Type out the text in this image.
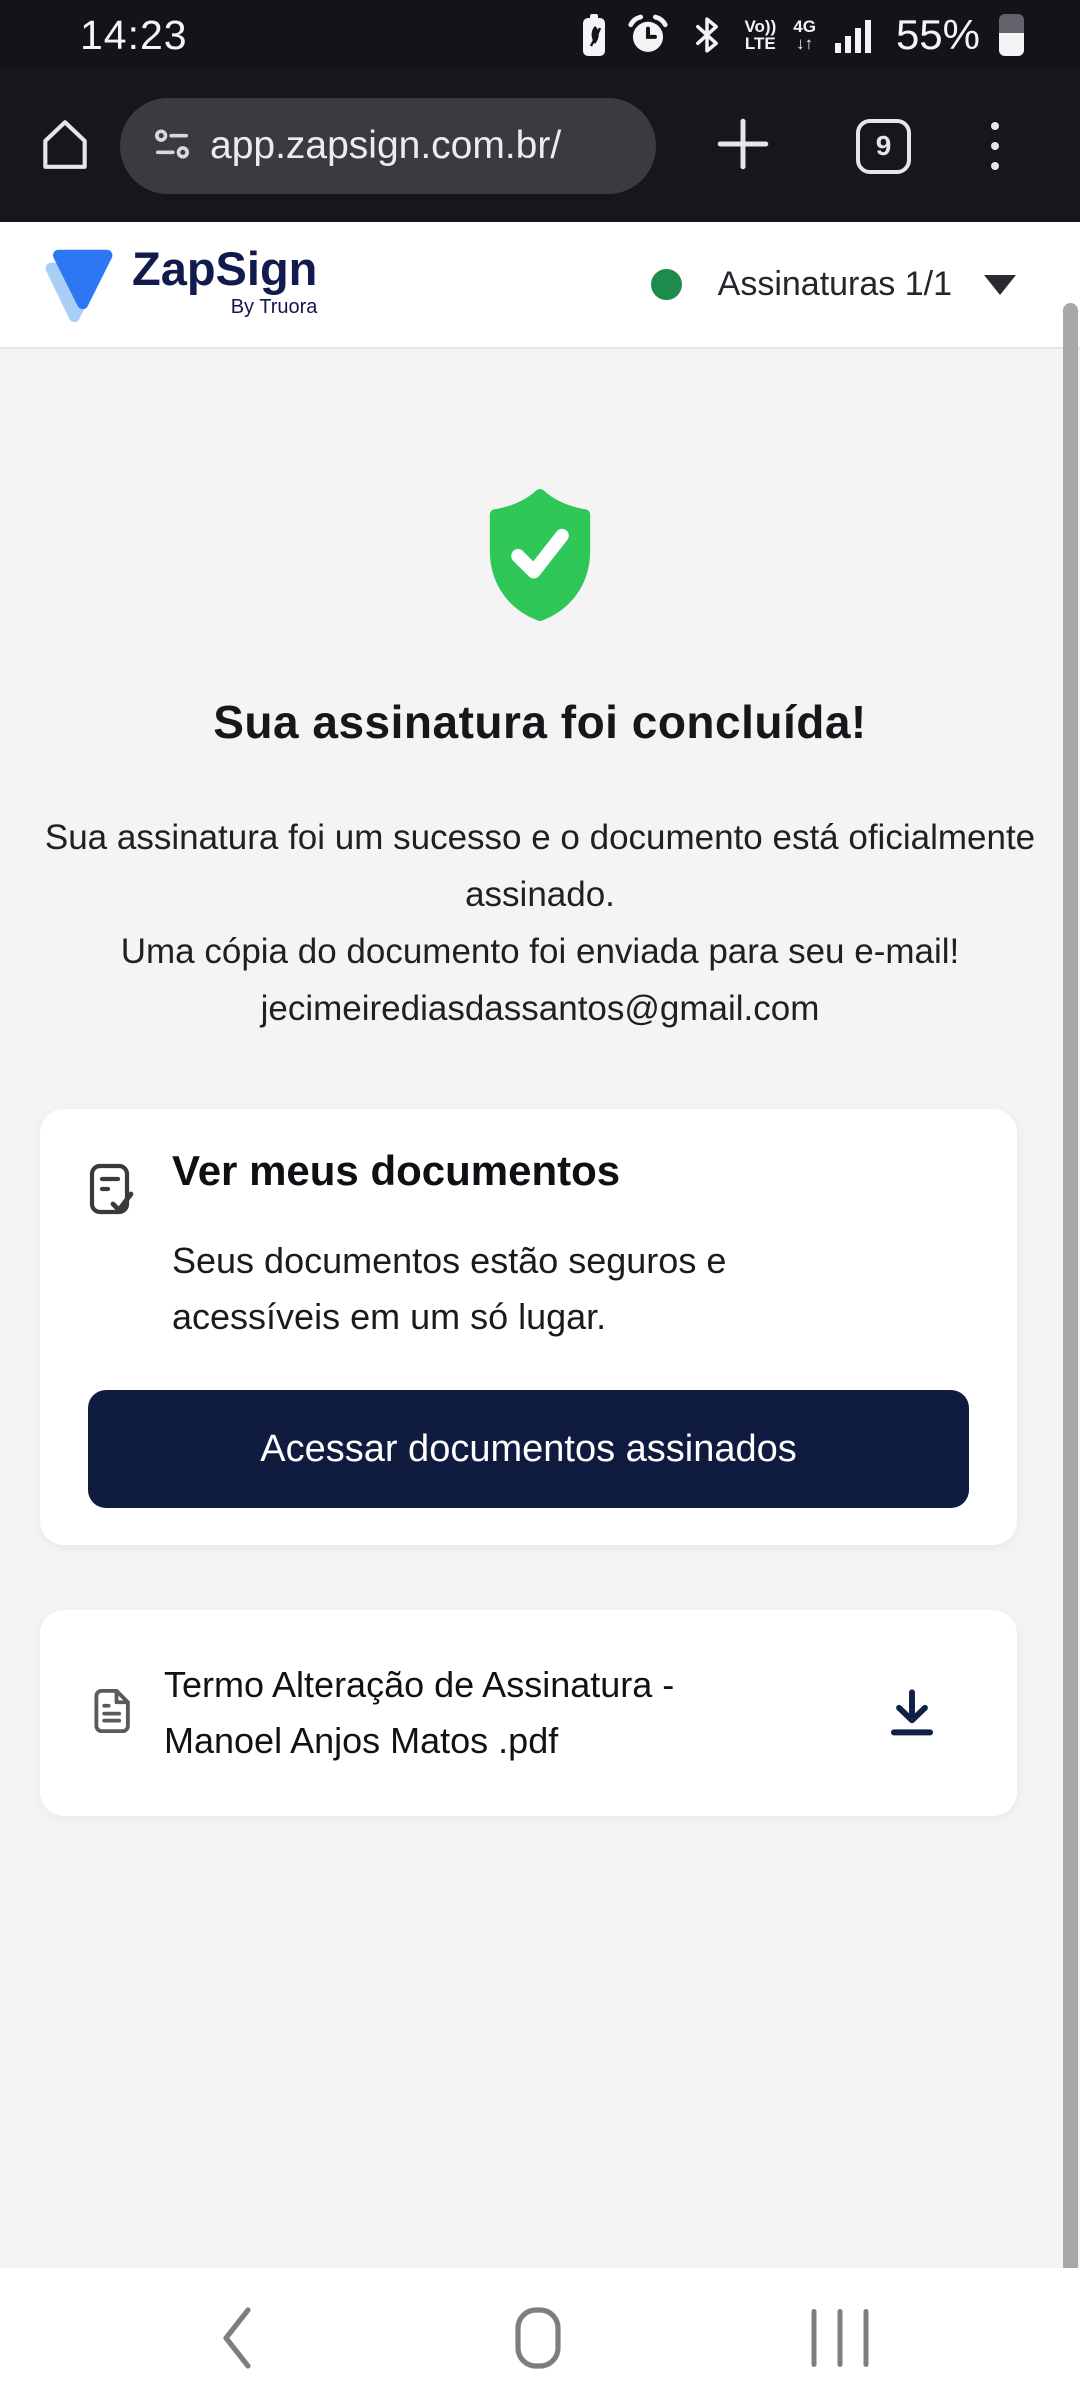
14:23	Vo))
LTE
4G
↓↑ 55%
app.zapsign.com.br/	9
ZapSign
By Truora
Assinaturas 1/1
Sua assinatura foi concluída!
Sua assinatura foi um sucesso e o documento está oficialmente assinado.
Uma cópia do documento foi enviada para seu e-mail! jecimeirediasdassantos@gmail.com
Ver meus documentos
Seus documentos estão seguros e acessíveis em um só lugar.
Acessar documentos assinados
Termo Alteração de Assinatura - Manoel Anjos Matos .pdf
